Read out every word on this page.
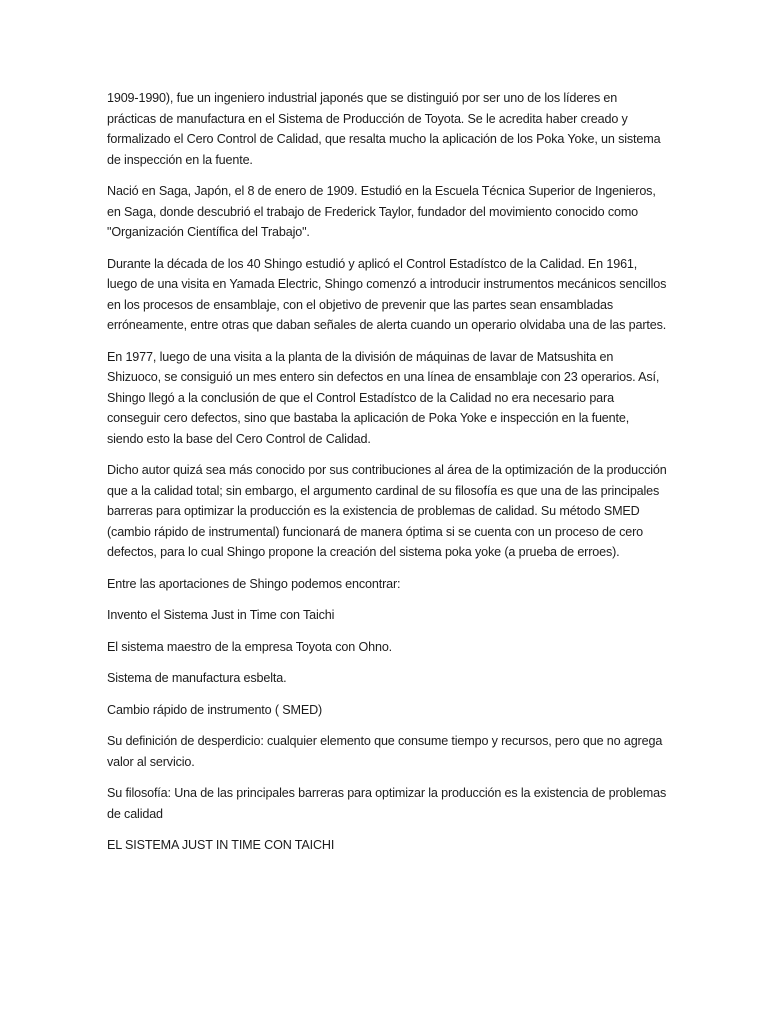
1909-1990), fue un ingeniero industrial japonés que se distinguió por ser uno de los líderes en prácticas de manufactura en el Sistema de Producción de Toyota. Se le acredita haber creado y formalizado el Cero Control de Calidad, que resalta mucho la aplicación de los Poka Yoke, un sistema de inspección en la fuente.

Nació en Saga, Japón, el 8 de enero de 1909. Estudió en la Escuela Técnica Superior de Ingenieros, en Saga, donde descubrió el trabajo de Frederick Taylor, fundador del movimiento conocido como "Organización Científica del Trabajo".

Durante la década de los 40 Shingo estudió y aplicó el Control Estadístco de la Calidad. En 1961, luego de una visita en Yamada Electric, Shingo comenzó a introducir instrumentos mecánicos sencillos en los procesos de ensamblaje, con el objetivo de prevenir que las partes sean ensambladas erróneamente, entre otras que daban señales de alerta cuando un operario olvidaba una de las partes.

En 1977, luego de una visita a la planta de la división de máquinas de lavar de Matsushita en Shizuoco, se consiguió un mes entero sin defectos en una línea de ensamblaje con 23 operarios. Así, Shingo llegó a la conclusión de que el Control Estadístco de la Calidad no era necesario para conseguir cero defectos, sino que bastaba la aplicación de Poka Yoke e inspección en la fuente, siendo esto la base del Cero Control de Calidad.

Dicho autor quizá sea más conocido por sus contribuciones al área de la optimización de la producción que a la calidad total; sin embargo, el argumento cardinal de su filosofía es que una de las principales barreras para optimizar la producción es la existencia de problemas de calidad. Su método SMED (cambio rápido de instrumental) funcionará de manera óptima si se cuenta con un proceso de cero defectos, para lo cual Shingo propone la creación del sistema poka yoke (a prueba de erroes).

Entre las aportaciones de Shingo podemos encontrar:

Invento el Sistema Just in Time con Taichi

El sistema maestro de la empresa Toyota con Ohno.

Sistema de manufactura esbelta.

Cambio rápido de instrumento ( SMED)

Su definición de desperdicio: cualquier elemento que consume tiempo y recursos, pero que no agrega valor al servicio.

Su filosofía: Una de las principales barreras para optimizar la producción es la existencia de problemas de calidad

EL SISTEMA JUST IN TIME CON TAICHI
